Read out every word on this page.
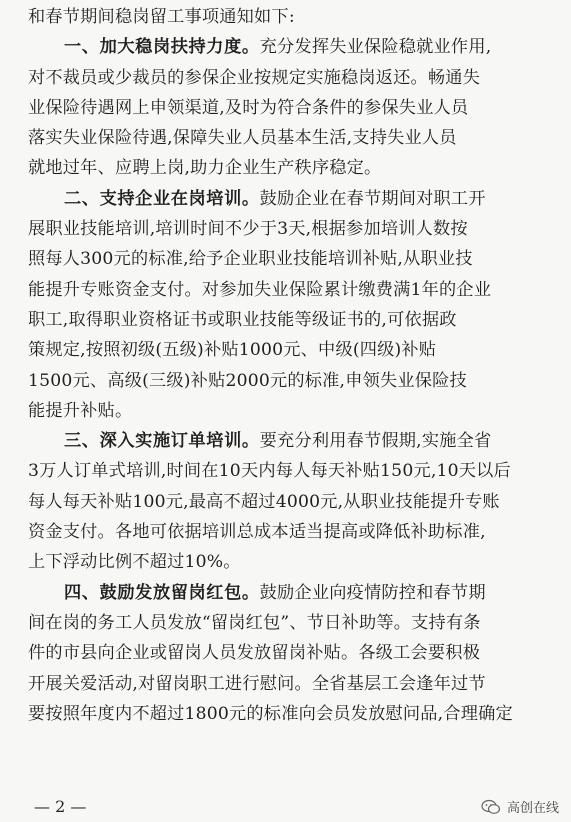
和春节期间稳岗留工事项通知如下:
一、加大稳岗扶持力度。充分发挥失业保险稳就业作用,
对不裁员或少裁员的参保企业按规定实施稳岗返还。畅通失
业保险待遇网上申领渠道,及时为符合条件的参保失业人员
落实失业保险待遇,保障失业人员基本生活,支持失业人员
就地过年、应聘上岗,助力企业生产秩序稳定。
二、支持企业在岗培训。鼓励企业在春节期间对职工开
展职业技能培训,培训时间不少于3天,根据参加培训人数按
照每人300元的标准,给予企业职业技能培训补贴,从职业技
能提升专账资金支付。对参加失业保险累计缴费满1年的企业
职工,取得职业资格证书或职业技能等级证书的,可依据政
策规定,按照初级(五级)补贴1000元、中级(四级)补贴
1500元、高级(三级)补贴2000元的标准,申领失业保险技
能提升补贴。
三、深入实施订单培训。要充分利用春节假期,实施全省
3万人订单式培训,时间在10天内每人每天补贴150元,10天以后
每人每天补贴100元,最高不超过4000元,从职业技能提升专账
资金支付。各地可依据培训总成本适当提高或降低补助标准,
上下浮动比例不超过10%。
四、鼓励发放留岗红包。鼓励企业向疫情防控和春节期
间在岗的务工人员发放“留岗红包”、节日补助等。支持有条
件的市县向企业或留岗人员发放留岗补贴。各级工会要积极
开展关爱活动,对留岗职工进行慰问。全省基层工会逢年过节
要按照年度内不超过1800元的标准向会员发放慰问品,合理确定
— 2 —	高创在线
